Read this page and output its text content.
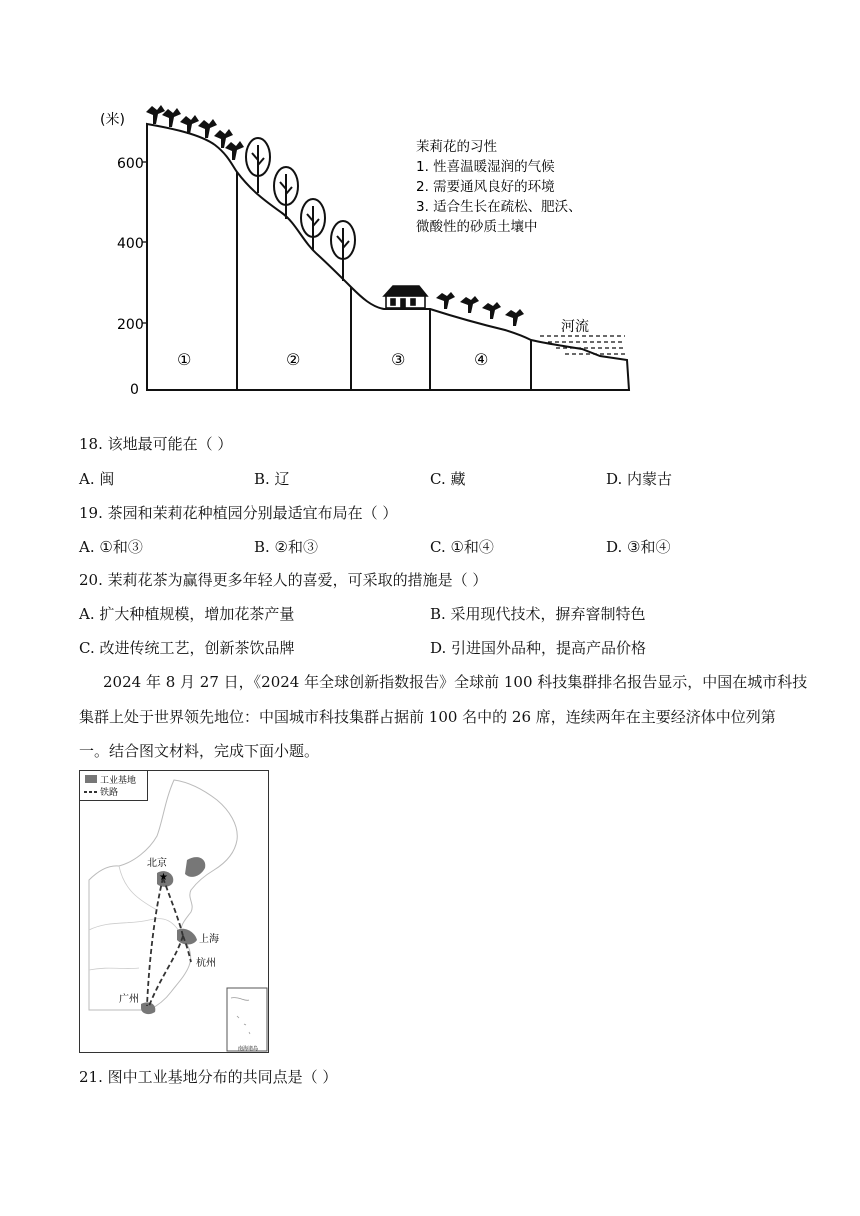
(米)
600
400
200
0
①	②	③	④
河流
茉莉花的习性
1. 性喜温暖湿润的气候
2. 需要通风良好的环境
3. 适合生长在疏松、肥沃、
微酸性的砂质土壤中
18. 该地最可能在（ ）
A. 闽	B. 辽	C. 藏	D. 内蒙古
19. 茶园和茉莉花种植园分别最适宜布局在（ ）
A. ①和③	B. ②和③	C. ①和④	D. ③和④
20. 茉莉花茶为赢得更多年轻人的喜爱，可采取的措施是（ ）
A. 扩大种植规模，增加花茶产量	B. 采用现代技术，摒弃窨制特色
C. 改进传统工艺，创新茶饮品牌	D. 引进国外品种，提高产品价格
2024 年 8 月 27 日，《2024 年全球创新指数报告》全球前 100 科技集群排名报告显示，中国在城市科技
集群上处于世界领先地位：中国城市科技集群占据前 100 名中的 26 席，连续两年在主要经济体中位列第
一。结合图文材料，完成下面小题。
工业基地
铁路
北京
上海
杭州
广州
★
南海诸岛
21. 图中工业基地分布的共同点是（ ）
